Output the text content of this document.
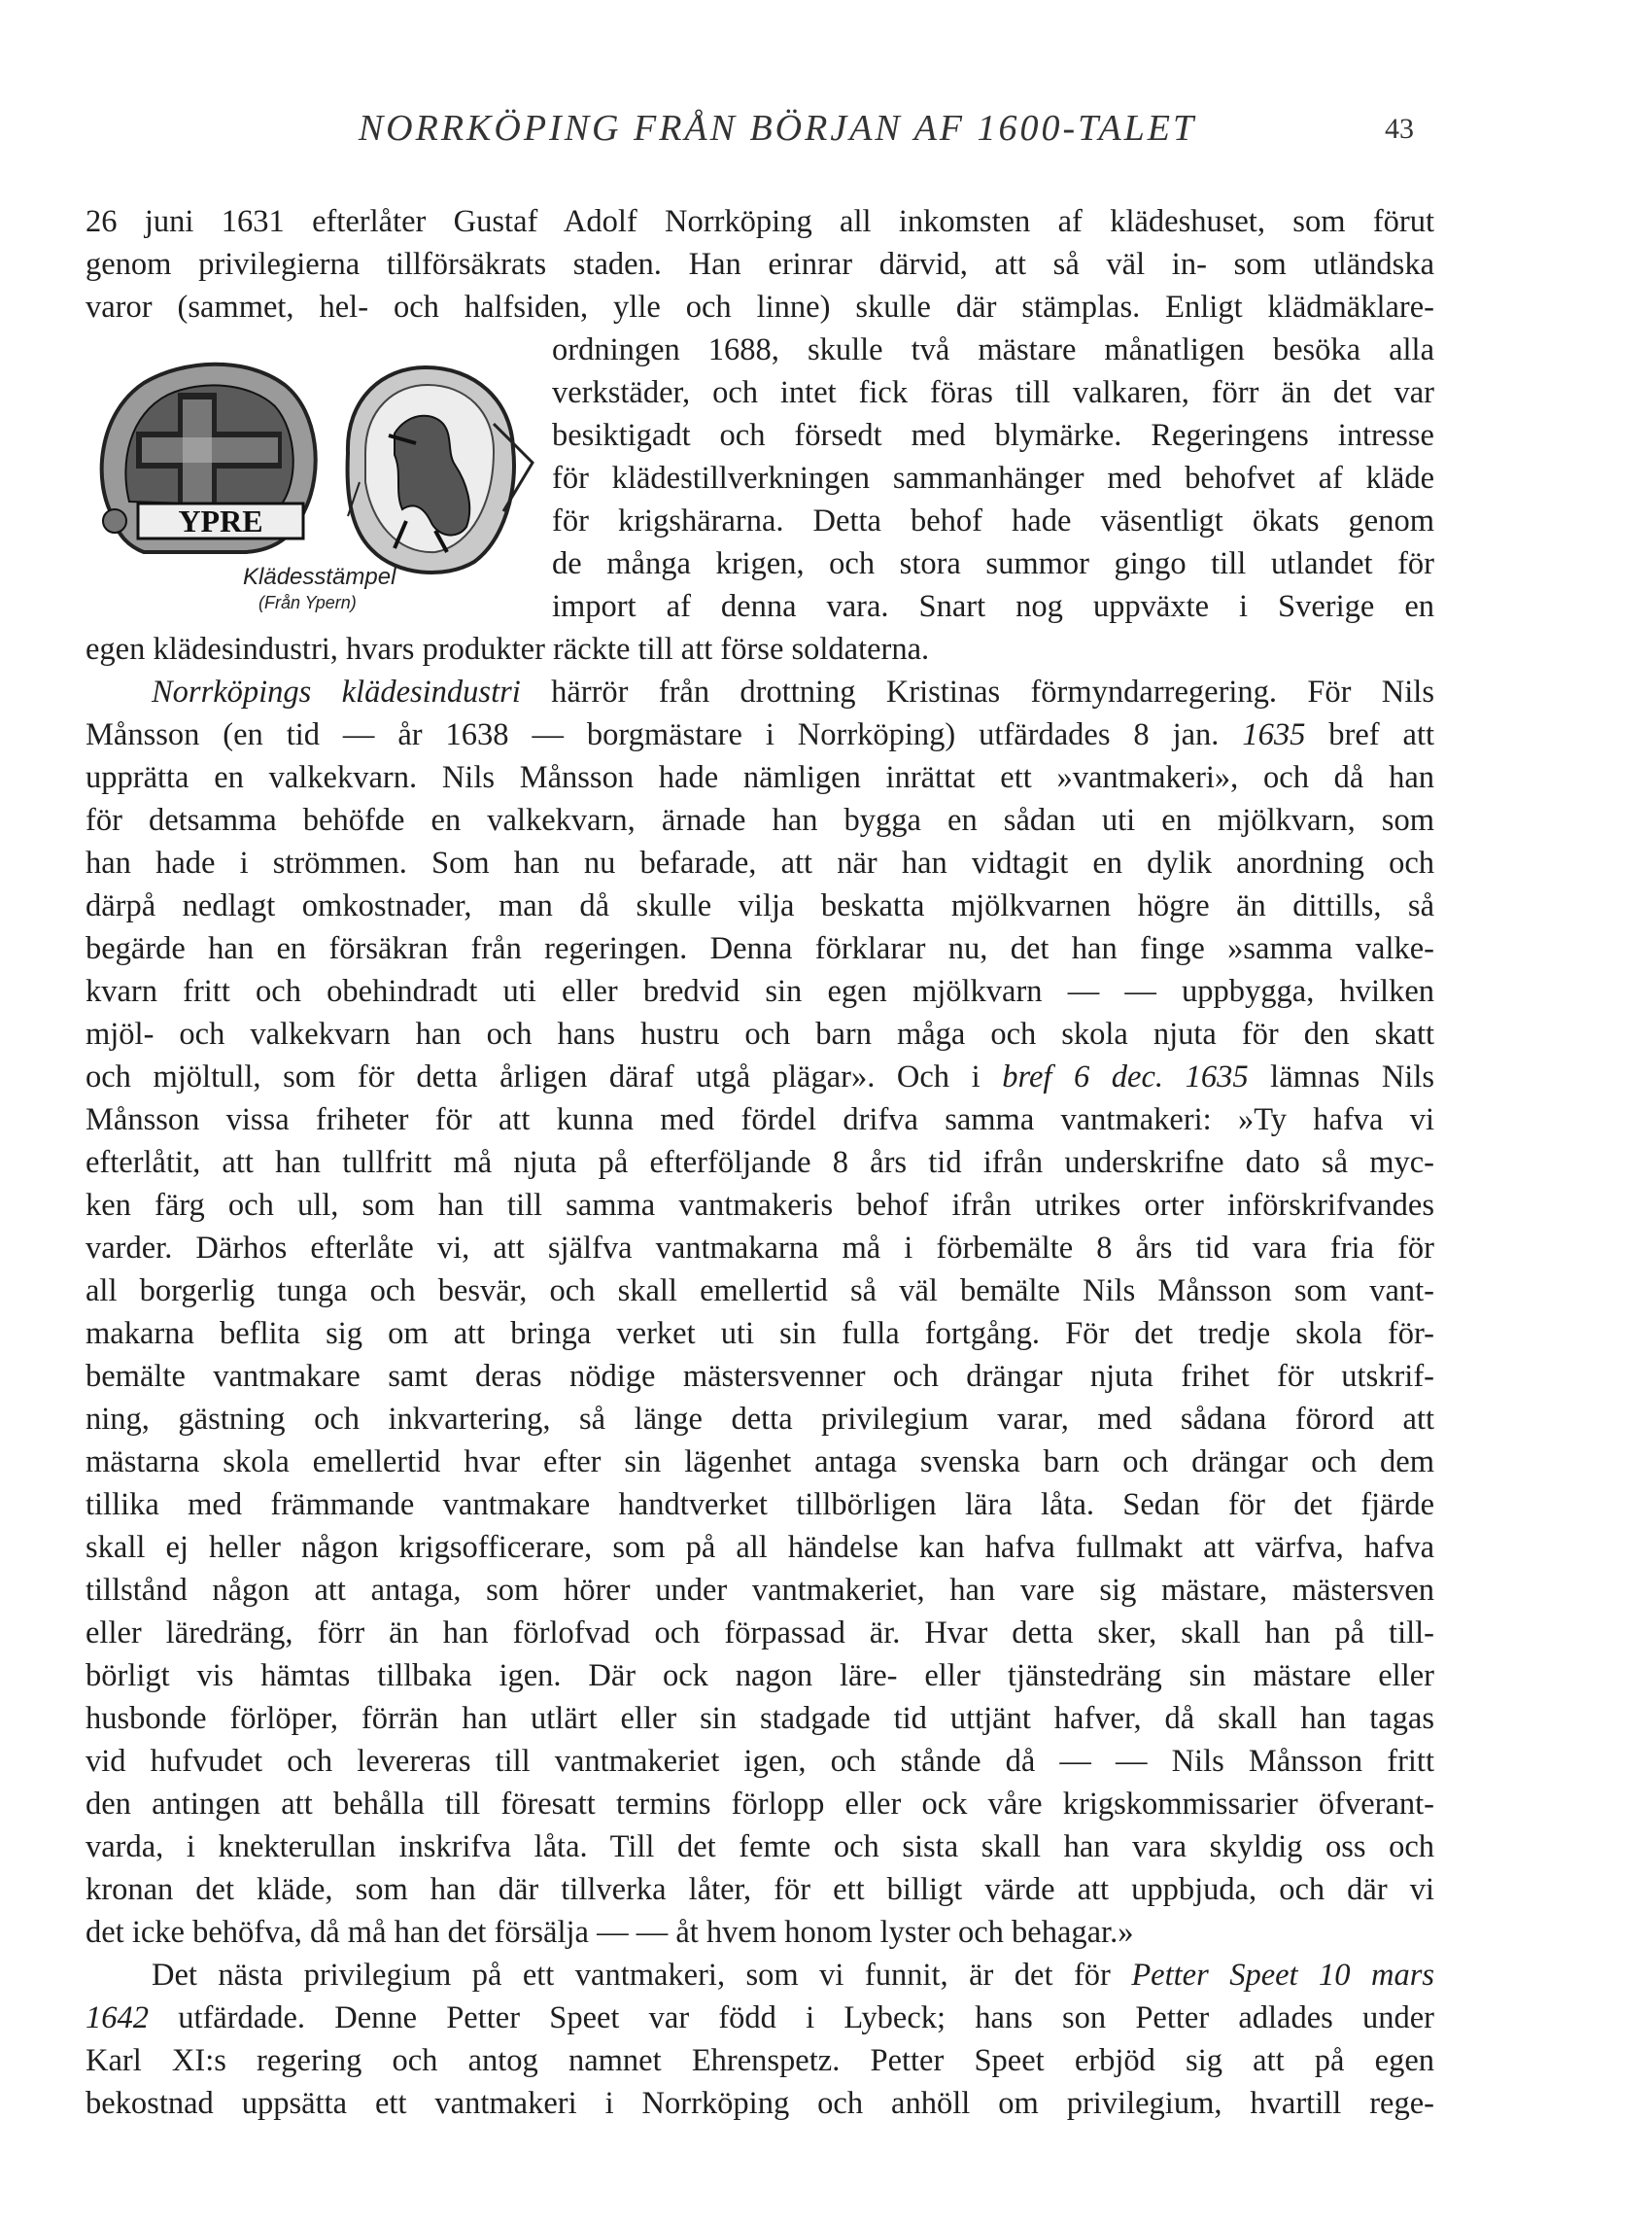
NORRKÖPING FRÅN BÖRJAN AF 1600-TALET	43
26 juni 1631 efterlåter Gustaf Adolf Norrköping all inkomsten af klädeshuset, som förut
genom privilegierna tillförsäkrats staden. Han erinrar därvid, att så väl in- som utländska
varor (sammet, hel- och halfsiden, ylle och linne) skulle där stämplas. Enligt klädmäklare-
YPRE
Klädesstämpel
(Från Ypern)
ordningen 1688, skulle två mästare månatligen besöka alla
verkstäder, och intet fick föras till valkaren, förr än det var
besiktigadt och försedt med blymärke. Regeringens intresse
för klädestillverkningen sammanhänger med behofvet af kläde
för krigshärarna. Detta behof hade väsentligt ökats genom
de många krigen, och stora summor gingo till utlandet för
import af denna vara. Snart nog uppväxte i Sverige en
egen klädesindustri, hvars produkter räckte till att förse soldaterna.
Norrköpings klädesindustri härrör från drottning Kristinas förmyndarregering. För Nils
Månsson (en tid — år 1638 — borgmästare i Norrköping) utfärdades 8 jan. 1635 bref att
upprätta en valkekvarn. Nils Månsson hade nämligen inrättat ett »vantmakeri», och då han
för detsamma behöfde en valkekvarn, ärnade han bygga en sådan uti en mjölkvarn, som
han hade i strömmen. Som han nu befarade, att när han vidtagit en dylik anordning och
därpå nedlagt omkostnader, man då skulle vilja beskatta mjölkvarnen högre än dittills, så
begärde han en försäkran från regeringen. Denna förklarar nu, det han finge »samma valke-
kvarn fritt och obehindradt uti eller bredvid sin egen mjölkvarn — — uppbygga, hvilken
mjöl- och valkekvarn han och hans hustru och barn måga och skola njuta för den skatt
och mjöltull, som för detta årligen däraf utgå plägar». Och i bref 6 dec. 1635 lämnas Nils
Månsson vissa friheter för att kunna med fördel drifva samma vantmakeri: »Ty hafva vi
efterlåtit, att han tullfritt må njuta på efterföljande 8 års tid ifrån underskrifne dato så myc-
ken färg och ull, som han till samma vantmakeris behof ifrån utrikes orter införskrifvandes
varder. Därhos efterlåte vi, att själfva vantmakarna må i förbemälte 8 års tid vara fria för
all borgerlig tunga och besvär, och skall emellertid så väl bemälte Nils Månsson som vant-
makarna beflita sig om att bringa verket uti sin fulla fortgång. För det tredje skola för-
bemälte vantmakare samt deras nödige mästersvenner och drängar njuta frihet för utskrif-
ning, gästning och inkvartering, så länge detta privilegium varar, med sådana förord att
mästarna skola emellertid hvar efter sin lägenhet antaga svenska barn och drängar och dem
tillika med främmande vantmakare handtverket tillbörligen lära låta. Sedan för det fjärde
skall ej heller någon krigsofficerare, som på all händelse kan hafva fullmakt att värfva, hafva
tillstånd någon att antaga, som hörer under vantmakeriet, han vare sig mästare, mästersven
eller läredräng, förr än han förlofvad och förpassad är. Hvar detta sker, skall han på till-
börligt vis hämtas tillbaka igen. Där ock nagon läre- eller tjänstedräng sin mästare eller
husbonde förlöper, förrän han utlärt eller sin stadgade tid uttjänt hafver, då skall han tagas
vid hufvudet och levereras till vantmakeriet igen, och stånde då — — Nils Månsson fritt
den antingen att behålla till föresatt termins förlopp eller ock våre krigskommissarier öfverant-
varda, i knekterullan inskrifva låta. Till det femte och sista skall han vara skyldig oss och
kronan det kläde, som han där tillverka låter, för ett billigt värde att uppbjuda, och där vi
det icke behöfva, då må han det försälja — — åt hvem honom lyster och behagar.»
Det nästa privilegium på ett vantmakeri, som vi funnit, är det för Petter Speet 10 mars
1642 utfärdade. Denne Petter Speet var född i Lybeck; hans son Petter adlades under
Karl XI:s regering och antog namnet Ehrenspetz. Petter Speet erbjöd sig att på egen
bekostnad uppsätta ett vantmakeri i Norrköping och anhöll om privilegium, hvartill rege-
